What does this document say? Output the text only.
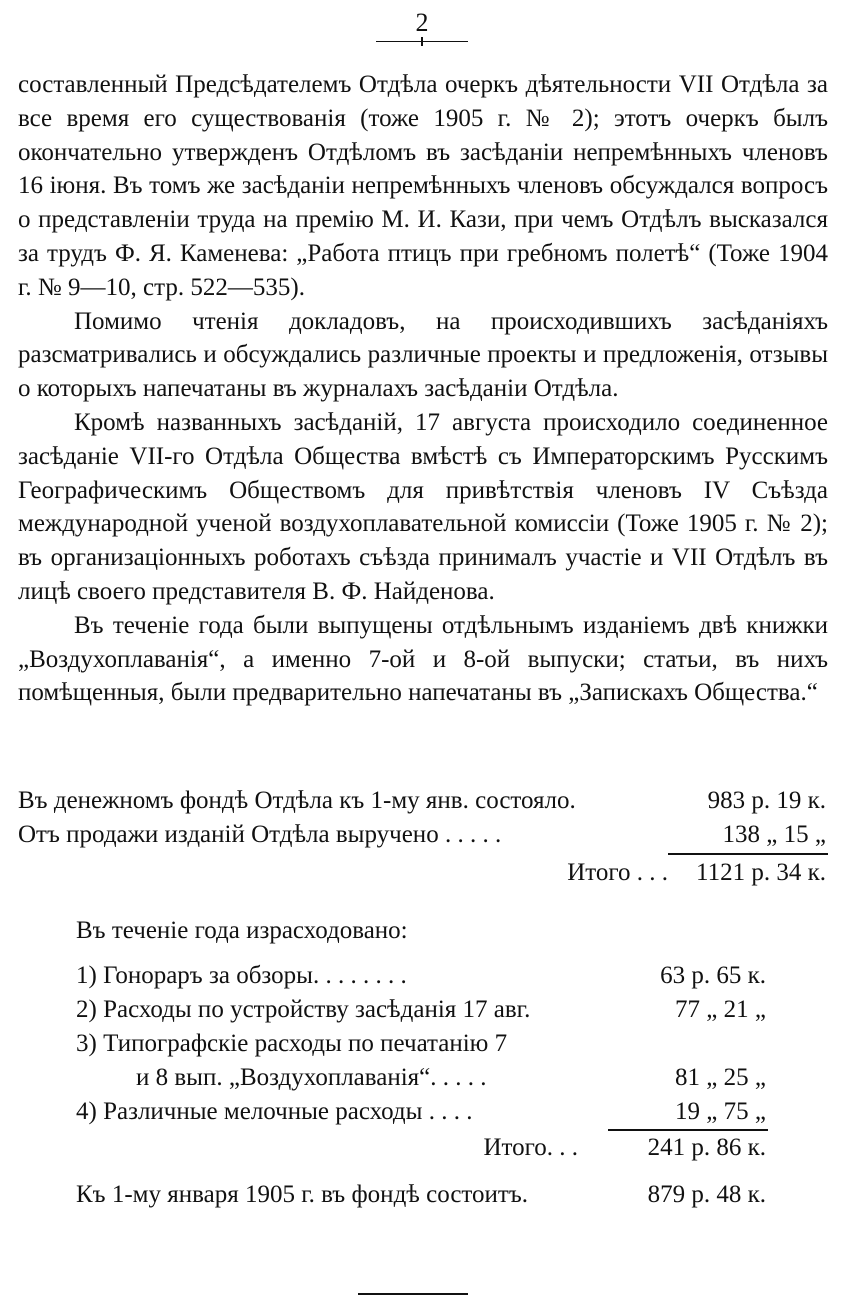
2

составленный Предсѣдателемъ Отдѣла очеркъ дѣятельности VII Отдѣла за все время его существованія (тоже 1905 г. № 2); этотъ очеркъ былъ окончательно утвержденъ Отдѣломъ въ засѣданіи непремѣнныхъ членовъ 16 іюня. Въ томъ же засѣданіи непремѣнныхъ членовъ обсуждался вопросъ о представленіи труда на премію М. И. Кази, при чемъ Отдѣлъ высказался за трудъ Ф. Я. Каменева: „Работа птицъ при гребномъ полетѣ“ (Тоже 1904 г. № 9—10, стр. 522—535).

Помимо чтенія докладовъ, на происходившихъ засѣданіяхъ разсматривались и обсуждались различные проекты и предложенія, отзывы о которыхъ напечатаны въ журналахъ засѣданіи Отдѣла.

Кромѣ названныхъ засѣданій, 17 августа происходило соединенное засѣданіе VII-го Отдѣла Общества вмѣстѣ съ Императорскимъ Русскимъ Географическимъ Обществомъ для привѣтствія членовъ IV Съѣзда международной ученой воздухоплавательной комиссіи (Тоже 1905 г. № 2); въ организаціонныхъ роботахъ съѣзда принималъ участіе и VII Отдѣлъ въ лицѣ своего представителя В. Ф. Найденова.

Въ теченіе года были выпущены отдѣльнымъ изданіемъ двѣ книжки „Воздухоплаванія“, а именно 7-ой и 8-ой выпуски; статьи, въ нихъ помѣщенныя, были предварительно напечатаны въ „Запискахъ Общества.“

Въ денежномъ фондѣ Отдѣла къ 1-му янв. состояло.	983 р. 19 к.
Отъ продажи изданій Отдѣла выручено . . . . .	138 „ 15 „
Итого . . . 1121 р. 34 к.
Въ теченіе года израсходовано:
1) Гонораръ за обзоры. . . . . . . .	63 р. 65 к.
2) Расходы по устройству засѣданія 17 авг.	77 „ 21 „
3) Типографскіе расходы по печатанію 7
и 8 вып. „Воздухоплаванія“. . . . .	81 „ 25 „
4) Различные мелочные расходы . . . .	19 „ 75 „
Итого. . .	241 р. 86 к.
Къ 1-му января 1905 г. въ фондѣ состоитъ.	879 р. 48 к.
